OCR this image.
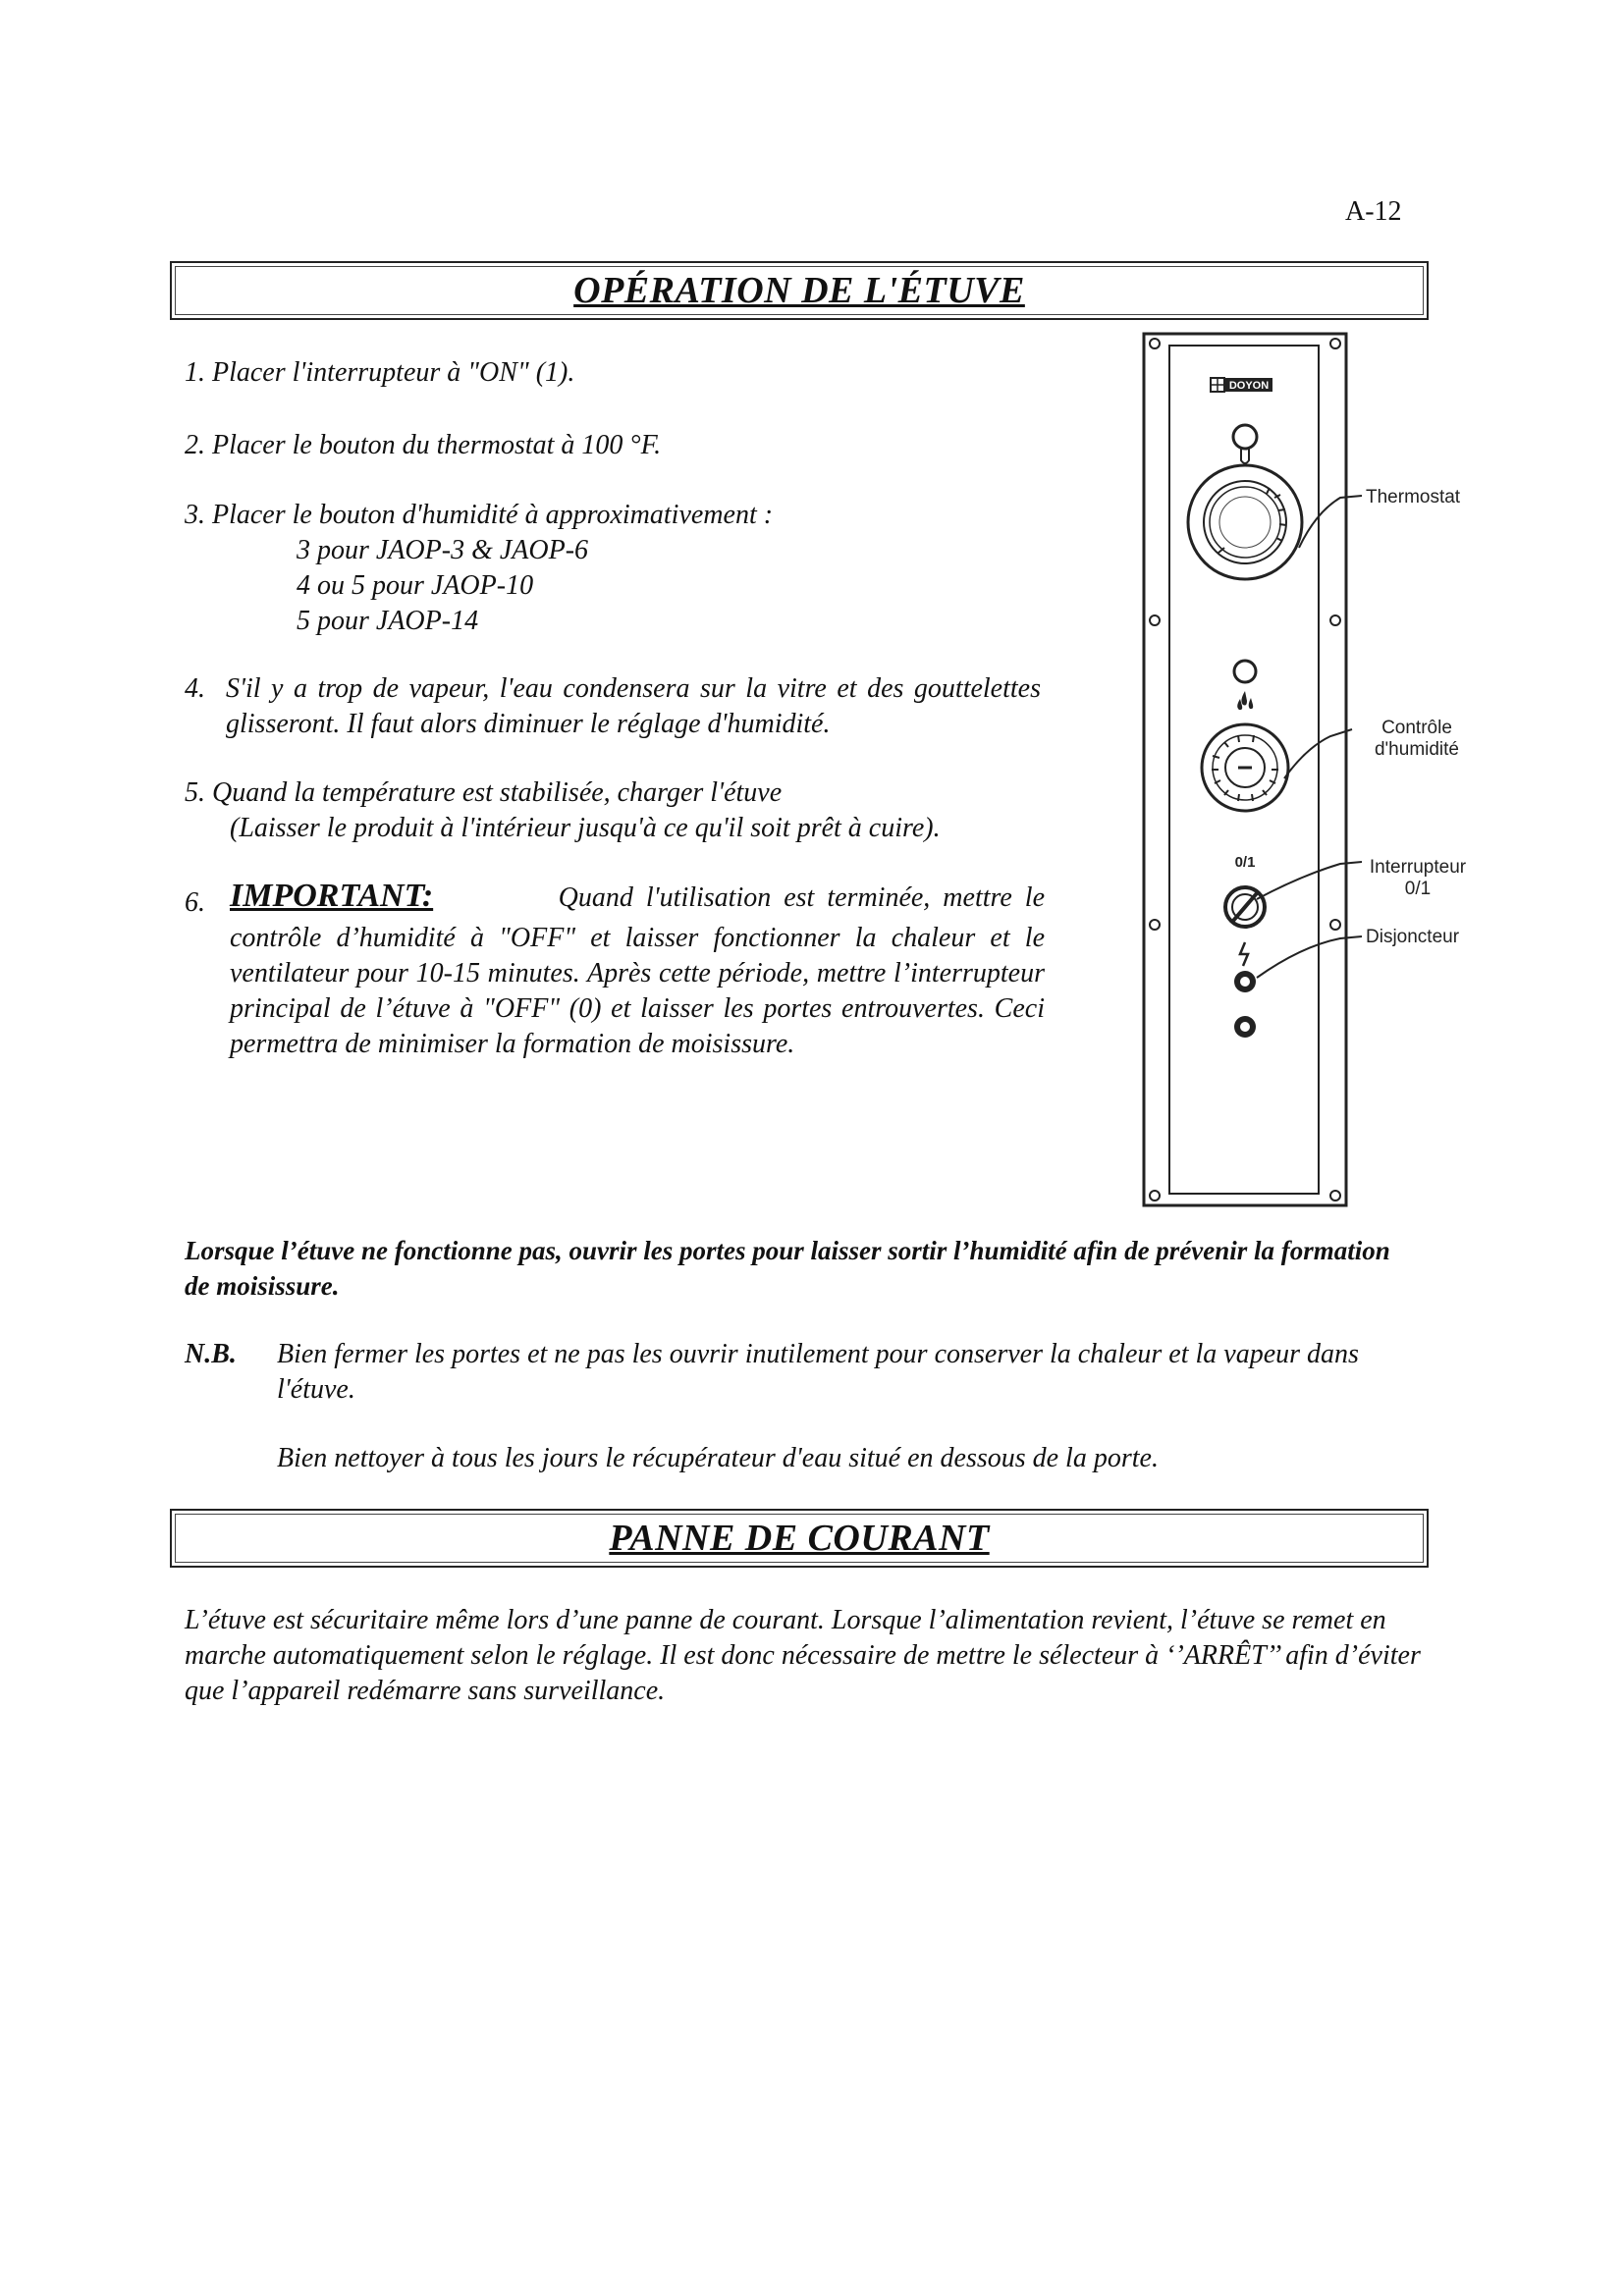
A-12
OPÉRATION DE L'ÉTUVE
1. Placer l'interrupteur à "ON" (1).
2. Placer le bouton du thermostat à 100 °F.
3. Placer le bouton d'humidité à approximativement :
3 pour JAOP-3 & JAOP-6
4 ou 5 pour JAOP-10
5 pour JAOP-14
4. S'il y a trop de vapeur, l'eau condensera sur la vitre et des gouttelettes glisseront. Il faut alors diminuer le réglage d'humidité.
5. Quand la température est stabilisée, charger l'étuve
(Laisser le produit à l'intérieur jusqu'à ce qu'il soit prêt à cuire).
6. IMPORTANT:	Quand l'utilisation est terminée, mettre le
contrôle d’humidité à "OFF" et laisser fonctionner la chaleur et le ventilateur pour 10-15 minutes. Après cette période, mettre l’interrupteur principal de l’étuve à "OFF" (0) et laisser les portes entrouvertes. Ceci permettra de minimiser la formation de moisissure.
DOYON
0/1
Thermostat
Contrôle
d'humidité
Interrupteur
0/1
Disjoncteur
Lorsque l’étuve ne fonctionne pas, ouvrir les portes pour laisser sortir l’humidité afin de prévenir la formation de moisissure.
N.B. Bien fermer les portes et ne pas les ouvrir inutilement pour conserver la chaleur et la vapeur dans l'étuve.
Bien nettoyer à tous les jours le récupérateur d'eau situé en dessous de la porte.
PANNE DE COURANT
L’étuve est sécuritaire même lors d’une panne de courant. Lorsque l’alimentation revient, l’étuve se remet en marche automatiquement selon le réglage. Il est donc nécessaire de mettre le sélecteur à ‘’ARRÊT’’ afin d’éviter que l’appareil redémarre sans surveillance.
